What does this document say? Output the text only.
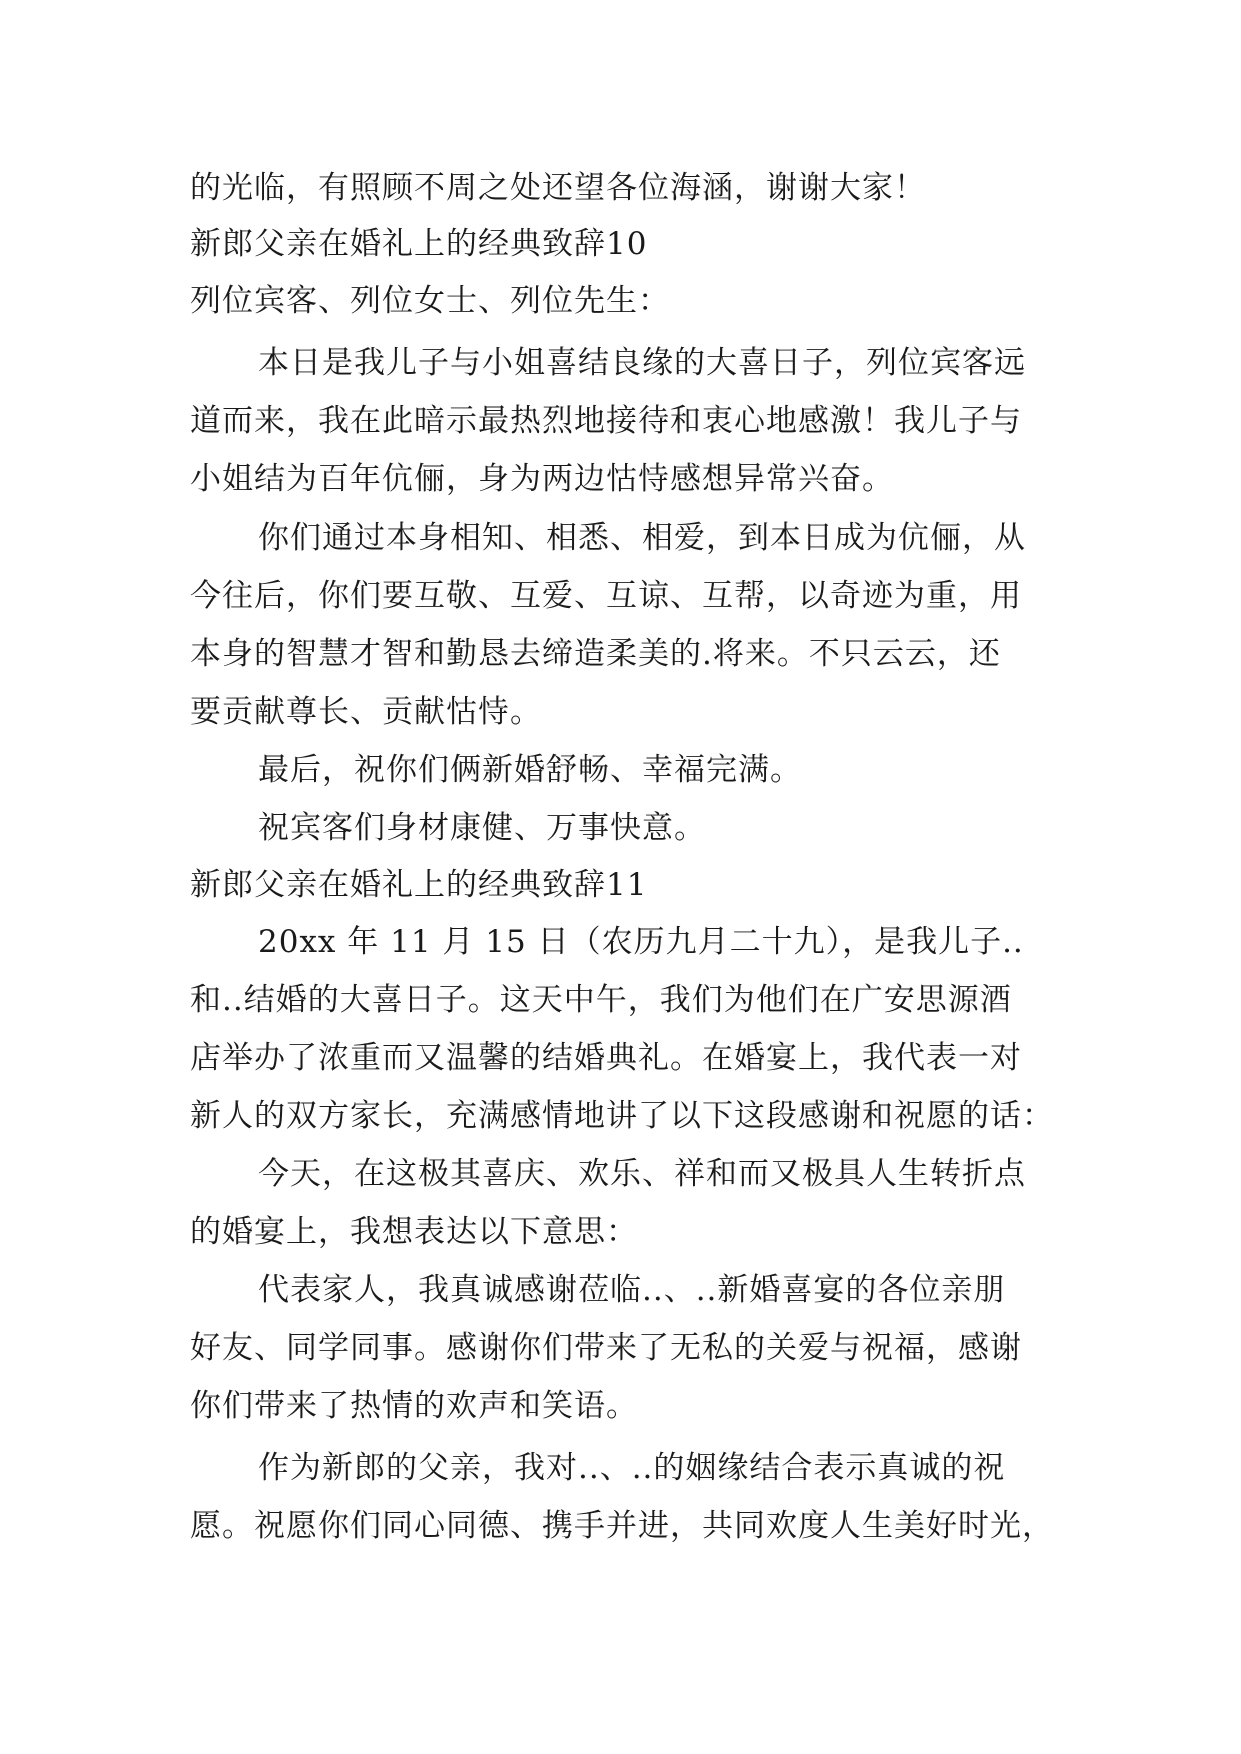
的光临，有照顾不周之处还望各位海涵，谢谢大家！
新郎父亲在婚礼上的经典致辞10
列位宾客、列位女士、列位先生：
本日是我儿子与小姐喜结良缘的大喜日子，列位宾客远
道而来，我在此暗示最热烈地接待和衷心地感激！我儿子与
小姐结为百年伉俪，身为两边怙恃感想异常兴奋。
你们通过本身相知、相悉、相爱，到本日成为伉俪，从
今往后，你们要互敬、互爱、互谅、互帮，以奇迹为重，用
本身的智慧才智和勤恳去缔造柔美的.将来。不只云云，还
要贡献尊长、贡献怙恃。
最后，祝你们俩新婚舒畅、幸福完满。
祝宾客们身材康健、万事快意。
新郎父亲在婚礼上的经典致辞11
20xx 年 11 月 15 日（农历九月二十九），是我儿子..
和..结婚的大喜日子。这天中午，我们为他们在广安思源酒
店举办了浓重而又温馨的结婚典礼。在婚宴上，我代表一对
新人的双方家长，充满感情地讲了以下这段感谢和祝愿的话：
今天，在这极其喜庆、欢乐、祥和而又极具人生转折点
的婚宴上，我想表达以下意思：
代表家人，我真诚感谢莅临..、..新婚喜宴的各位亲朋
好友、同学同事。感谢你们带来了无私的关爱与祝福，感谢
你们带来了热情的欢声和笑语。
作为新郎的父亲，我对..、..的姻缘结合表示真诚的祝
愿。祝愿你们同心同德、携手并进，共同欢度人生美好时光，
